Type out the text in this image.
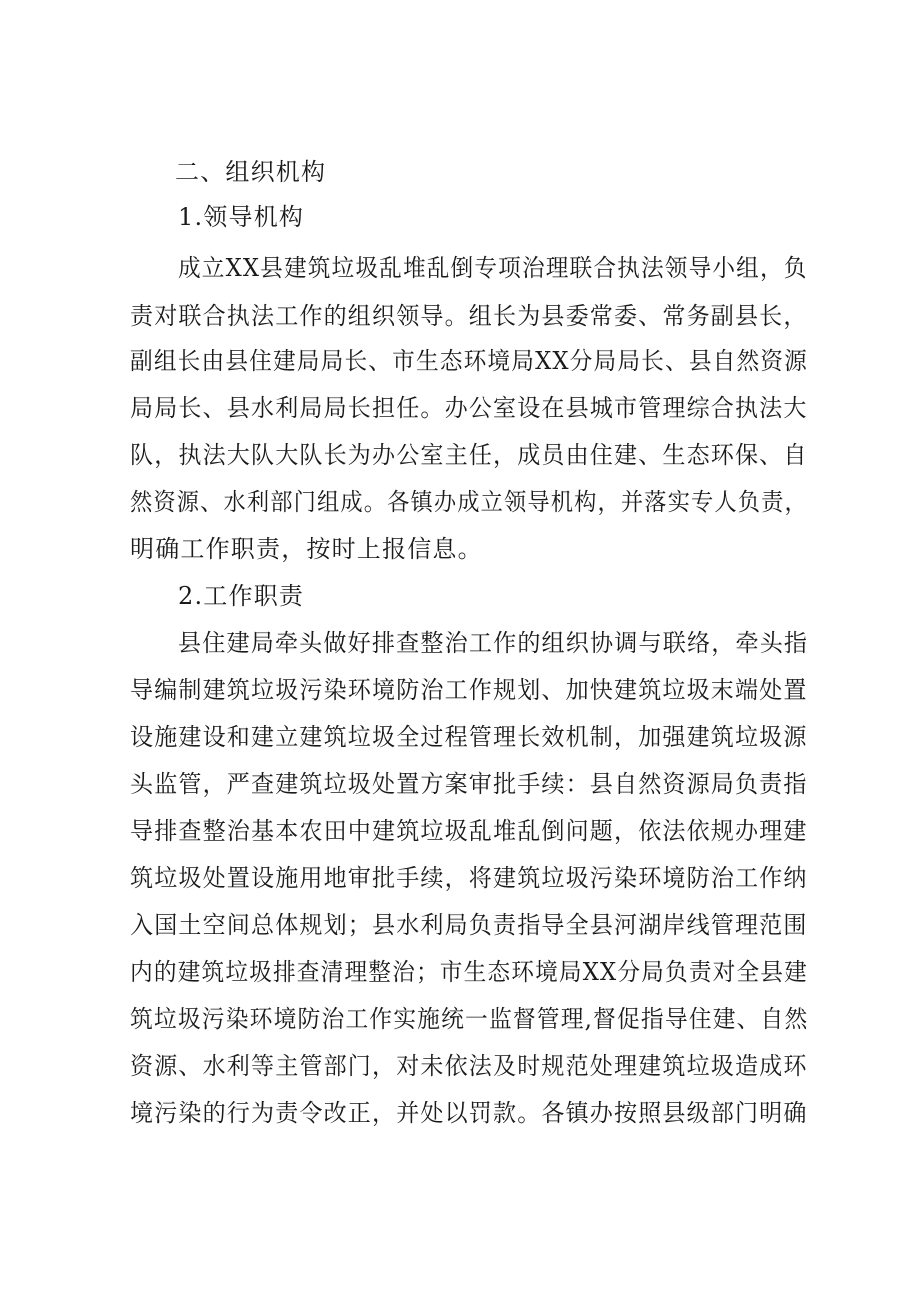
二、组织机构
1.领导机构
成立XX县建筑垃圾乱堆乱倒专项治理联合执法领导小组，负
责对联合执法工作的组织领导。组长为县委常委、常务副县长，
副组长由县住建局局长、市生态环境局XX分局局长、县自然资源
局局长、县水利局局长担任。办公室设在县城市管理综合执法大
队，执法大队大队长为办公室主任，成员由住建、生态环保、自
然资源、水利部门组成。各镇办成立领导机构，并落实专人负责，
明确工作职责，按时上报信息。
2.工作职责
县住建局牵头做好排查整治工作的组织协调与联络，牵头指
导编制建筑垃圾污染环境防治工作规划、加快建筑垃圾末端处置
设施建设和建立建筑垃圾全过程管理长效机制，加强建筑垃圾源
头监管，严查建筑垃圾处置方案审批手续：县自然资源局负责指
导排查整治基本农田中建筑垃圾乱堆乱倒问题，依法依规办理建
筑垃圾处置设施用地审批手续，将建筑垃圾污染环境防治工作纳
入国土空间总体规划；县水利局负责指导全县河湖岸线管理范围
内的建筑垃圾排查清理整治；市生态环境局XX分局负责对全县建
筑垃圾污染环境防治工作实施统一监督管理,督促指导住建、自然
资源、水利等主管部门，对未依法及时规范处理建筑垃圾造成环
境污染的行为责令改正，并处以罚款。各镇办按照县级部门明确
